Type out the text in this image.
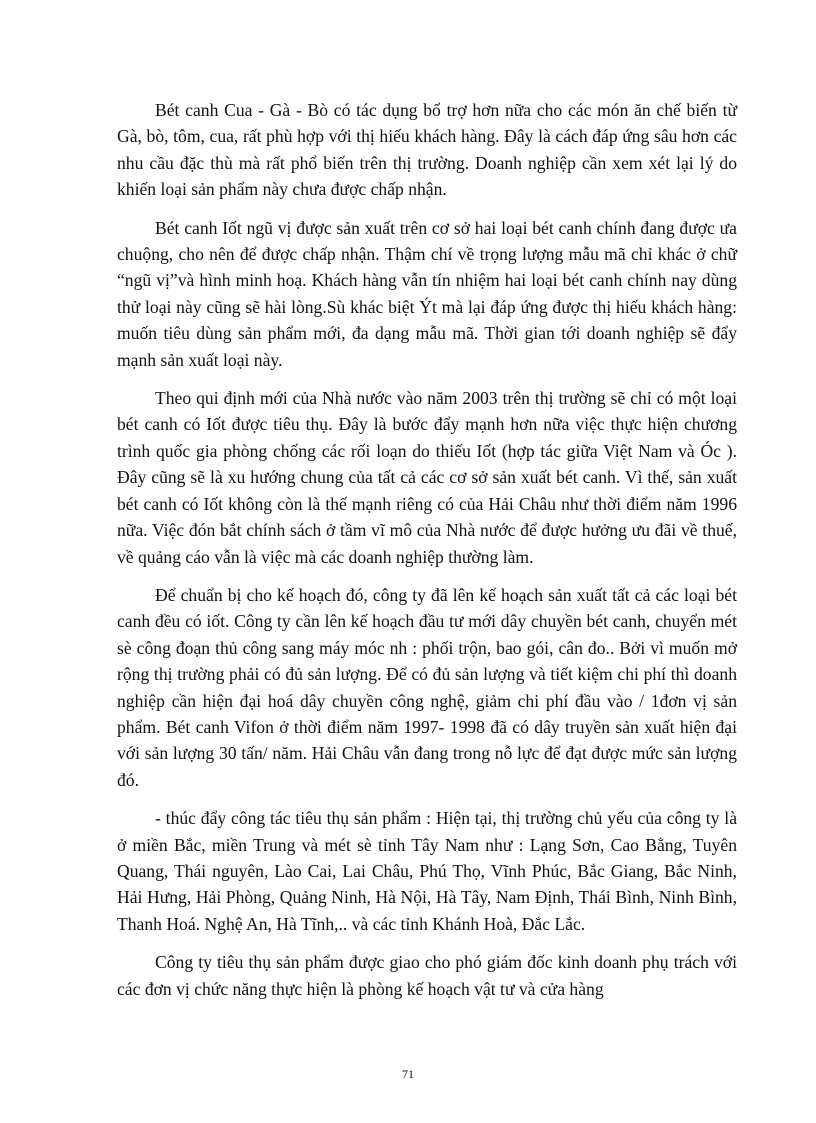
Bét canh Cua - Gà - Bò có tác dụng bổ trợ hơn nữa cho các món ăn chế biến từ Gà, bò, tôm, cua, rất phù hợp với thị hiếu khách hàng. Đây là cách đáp ứng sâu hơn các nhu cầu đặc thù mà rất phổ biến trên thị trường. Doanh nghiệp cần xem xét lại lý do khiến loại sản phẩm này chưa được chấp nhận.

Bét canh Iốt ngũ vị được sản xuất trên cơ sở hai loại bét canh chính đang được ưa chuộng, cho nên để được chấp nhận. Thậm chí về trọng lượng mẫu mã chỉ khác ở chữ “ngũ vị”và hình minh hoạ. Khách hàng vẫn tín nhiệm hai loại bét canh chính nay dùng thử loại này cũng sẽ hài lòng.Sù khác biệt Ýt mà lại đáp ứng được thị hiếu khách hàng: muốn tiêu dùng sản phẩm mới, đa dạng mẫu mã. Thời gian tới doanh nghiệp sẽ đẩy mạnh sản xuất loại này.

Theo qui định mới của Nhà nước vào năm 2003 trên thị trường sẽ chỉ có một loại bét canh có Iốt được tiêu thụ. Đây là bước đẩy mạnh hơn nữa việc thực hiện chương trình quốc gia phòng chống các rối loạn do thiếu Iốt (hợp tác giữa Việt Nam và Óc ). Đây cũng sẽ là xu hướng chung của tất cả các cơ sở sản xuất bét canh. Vì thế, sản xuất bét canh có Iốt không còn là thế mạnh riêng có của Hải Châu như thời điểm năm 1996 nữa. Việc đón bắt chính sách ở tầm vĩ mô của Nhà nước để được hưởng ưu đãi về thuế, về quảng cáo vẫn là việc mà các doanh nghiệp thường làm.

Để chuẩn bị cho kế hoạch đó, công ty đã lên kế hoạch sản xuất tất cả các loại bét canh đều có iốt. Công ty cần lên kế hoạch đầu tư mới dây chuyền bét canh, chuyển mét sè công đoạn thủ công sang máy móc nh : phối trộn, bao gói, cân đo.. Bởi vì muốn mở rộng thị trường phải có đủ sản lượng. Để có đủ sản lượng và tiết kiệm chi phí thì doanh nghiệp cần hiện đại hoá dây chuyền công nghệ, giảm chi phí đầu vào / 1đơn vị sản phẩm. Bét canh Vifon ở thời điểm năm 1997- 1998 đã có dây truyền sản xuất hiện đại với sản lượng 30 tấn/ năm. Hải Châu vẫn đang trong nỗ lực để đạt được mức sản lượng đó.

- thúc đẩy công tác tiêu thụ sản phẩm : Hiện tại, thị trường chủ yếu của công ty là ở miền Bắc, miền Trung và mét sè tỉnh Tây Nam như : Lạng Sơn, Cao Bằng, Tuyên Quang, Thái nguyên, Lào Cai, Lai Châu, Phú Thọ, Vĩnh Phúc, Bắc Giang, Bắc Ninh, Hải Hưng, Hải Phòng, Quảng Ninh, Hà Nội, Hà Tây, Nam Định, Thái Bình, Ninh Bình, Thanh Hoá. Nghệ An, Hà Tĩnh,.. và các tỉnh Khánh Hoà, Đắc Lắc.

Công ty tiêu thụ sản phẩm được giao cho phó giám đốc kinh doanh phụ trách với các đơn vị chức năng thực hiện là phòng kế hoạch vật tư và cửa hàng

71
